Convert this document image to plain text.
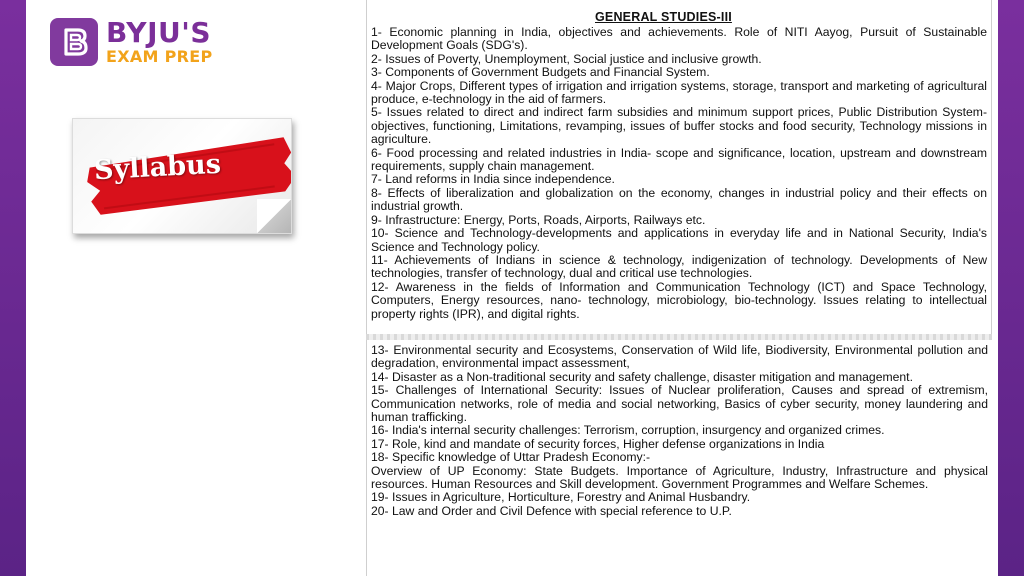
BYJU'S
EXAM PREP
Syllabus
GENERAL STUDIES-III

1- Economic planning in India, objectives and achievements. Role of NITI Aayog, Pursuit of Sustainable Development Goals (SDG's).

2- Issues of Poverty, Unemployment, Social justice and inclusive growth.

3- Components of Government Budgets and Financial System.

4- Major Crops, Different types of irrigation and irrigation systems, storage, transport and marketing of agricultural produce, e-technology in the aid of farmers.

5- Issues related to direct and indirect farm subsidies and minimum support prices, Public Distribution System- objectives, functioning, Limitations, revamping, issues of buffer stocks and food security, Technology missions in agriculture.

6- Food processing and related industries in India- scope and significance, location, upstream and downstream requirements, supply chain management.

7- Land reforms in India since independence.

8- Effects of liberalization and globalization on the economy, changes in industrial policy and their effects on industrial growth.

9- Infrastructure: Energy, Ports, Roads, Airports, Railways etc.

10- Science and Technology-developments and applications in everyday life and in National Security, India's Science and Technology policy.

11- Achievements of Indians in science & technology, indigenization of technology. Developments of New technologies, transfer of technology, dual and critical use technologies.

12- Awareness in the fields of Information and Communication Technology (ICT) and Space Technology, Computers, Energy resources, nano- technology, microbiology, bio-technology. Issues relating to intellectual property rights (IPR), and digital rights.

13- Environmental security and Ecosystems, Conservation of Wild life, Biodiversity, Environmental pollution and degradation, environmental impact assessment,

14- Disaster as a Non-traditional security and safety challenge, disaster mitigation and management.

15- Challenges of International Security: Issues of Nuclear proliferation, Causes and spread of extremism, Communication networks, role of media and social networking, Basics of cyber security, money laundering and human trafficking.

16- India's internal security challenges: Terrorism, corruption, insurgency and organized crimes.

17- Role, kind and mandate of security forces, Higher defense organizations in India

18- Specific knowledge of Uttar Pradesh Economy:-

Overview of UP Economy: State Budgets. Importance of Agriculture, Industry, Infrastructure and physical resources. Human Resources and Skill development. Government Programmes and Welfare Schemes.

19- Issues in Agriculture, Horticulture, Forestry and Animal Husbandry.

20- Law and Order and Civil Defence with special reference to U.P.
